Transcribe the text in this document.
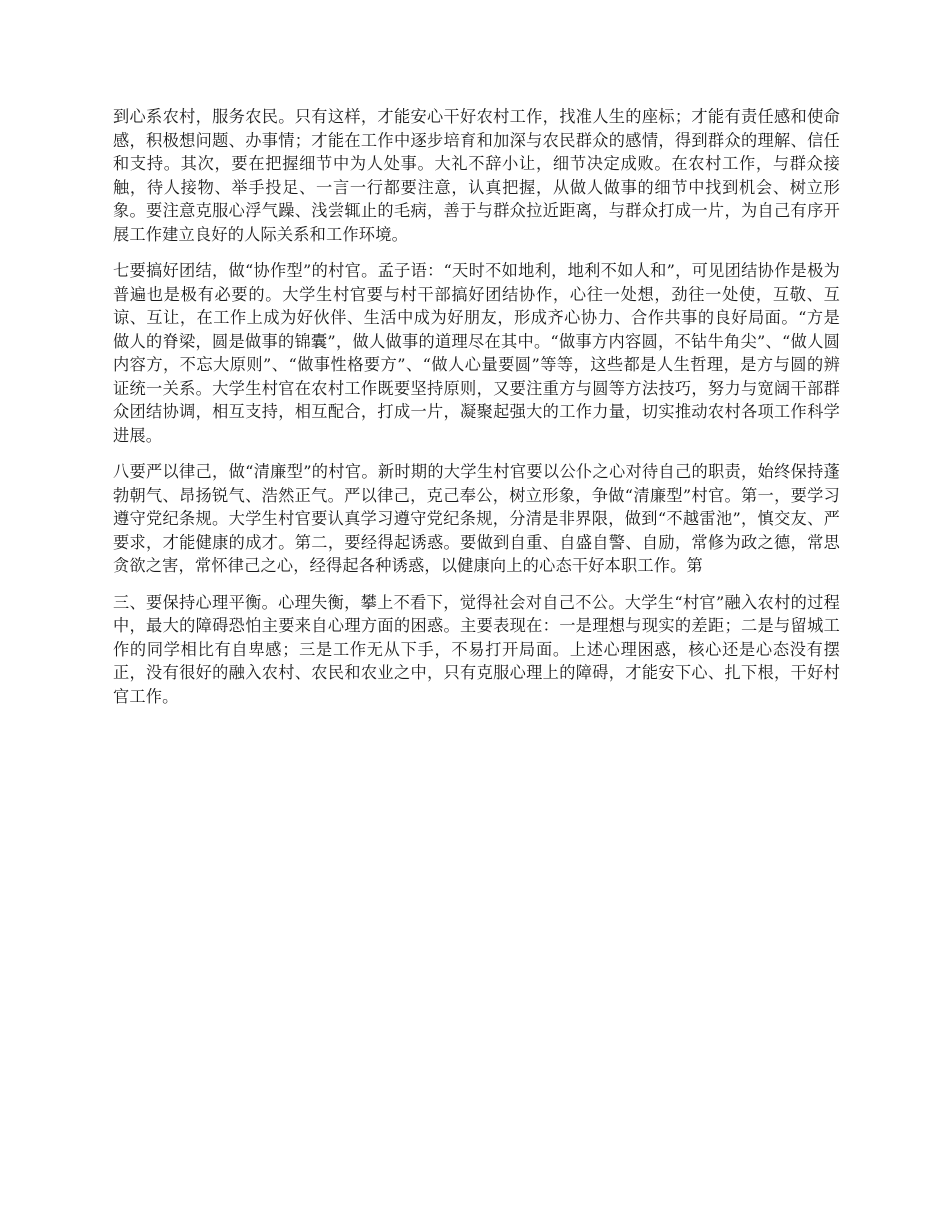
到心系农村，服务农民。只有这样，才能安心干好农村工作，找准人生的座标；才能有责任感和使命感，积极想问题、办事情；才能在工作中逐步培育和加深与农民群众的感情，得到群众的理解、信任和支持。其次，要在把握细节中为人处事。大礼不辞小让，细节决定成败。在农村工作，与群众接触，待人接物、举手投足、一言一行都要注意，认真把握，从做人做事的细节中找到机会、树立形象。要注意克服心浮气躁、浅尝辄止的毛病，善于与群众拉近距离，与群众打成一片，为自己有序开展工作建立良好的人际关系和工作环境。

七要搞好团结，做“协作型”的村官。孟子语：“天时不如地利，地利不如人和”，可见团结协作是极为普遍也是极有必要的。大学生村官要与村干部搞好团结协作，心往一处想，劲往一处使，互敬、互谅、互让，在工作上成为好伙伴、生活中成为好朋友，形成齐心协力、合作共事的良好局面。“方是做人的脊梁，圆是做事的锦囊”，做人做事的道理尽在其中。“做事方内容圆，不钻牛角尖”、“做人圆内容方，不忘大原则”、“做事性格要方”、“做人心量要圆”等等，这些都是人生哲理，是方与圆的辨证统一关系。大学生村官在农村工作既要坚持原则，又要注重方与圆等方法技巧，努力与宽阔干部群众团结协调，相互支持，相互配合，打成一片，凝聚起强大的工作力量，切实推动农村各项工作科学进展。

八要严以律己，做“清廉型”的村官。新时期的大学生村官要以公仆之心对待自己的职责，始终保持蓬勃朝气、昂扬锐气、浩然正气。严以律己，克己奉公，树立形象，争做“清廉型”村官。第一，要学习遵守党纪条规。大学生村官要认真学习遵守党纪条规，分清是非界限，做到“不越雷池”，慎交友、严要求，才能健康的成才。第二，要经得起诱惑。要做到自重、自盛自警、自励，常修为政之德，常思贪欲之害，常怀律己之心，经得起各种诱惑，以健康向上的心态干好本职工作。第

三、要保持心理平衡。心理失衡，攀上不看下，觉得社会对自己不公。大学生“村官”融入农村的过程中，最大的障碍恐怕主要来自心理方面的困惑。主要表现在：一是理想与现实的差距；二是与留城工作的同学相比有自卑感；三是工作无从下手，不易打开局面。上述心理困惑，核心还是心态没有摆正，没有很好的融入农村、农民和农业之中，只有克服心理上的障碍，才能安下心、扎下根，干好村官工作。
